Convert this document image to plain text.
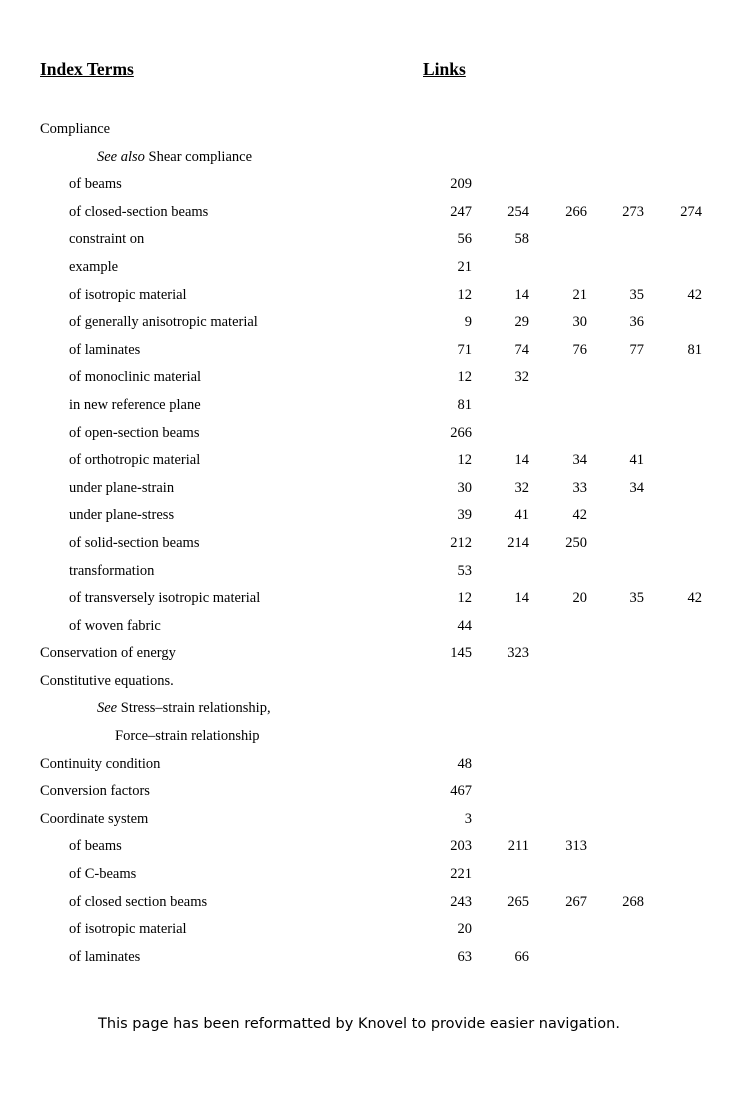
Index Terms	Links
Compliance
See also Shear compliance
of beams	209
of closed-section beams	247	254	266	273	274
constraint on	56	58
example	21
of isotropic material	12	14	21	35	42
of generally anisotropic material	9	29	30	36
of laminates	71	74	76	77	81
of monoclinic material	12	32
in new reference plane	81
of open-section beams	266
of orthotropic material	12	14	34	41
under plane-strain	30	32	33	34
under plane-stress	39	41	42
of solid-section beams	212	214	250
transformation	53
of transversely isotropic material	12	14	20	35	42
of woven fabric	44
Conservation of energy	145	323
Constitutive equations.
See Stress–strain relationship,
Force–strain relationship
Continuity condition	48
Conversion factors	467
Coordinate system	3
of beams	203	211	313
of C-beams	221
of closed section beams	243	265	267	268
of isotropic material	20
of laminates	63	66
This page has been reformatted by Knovel to provide easier navigation.
